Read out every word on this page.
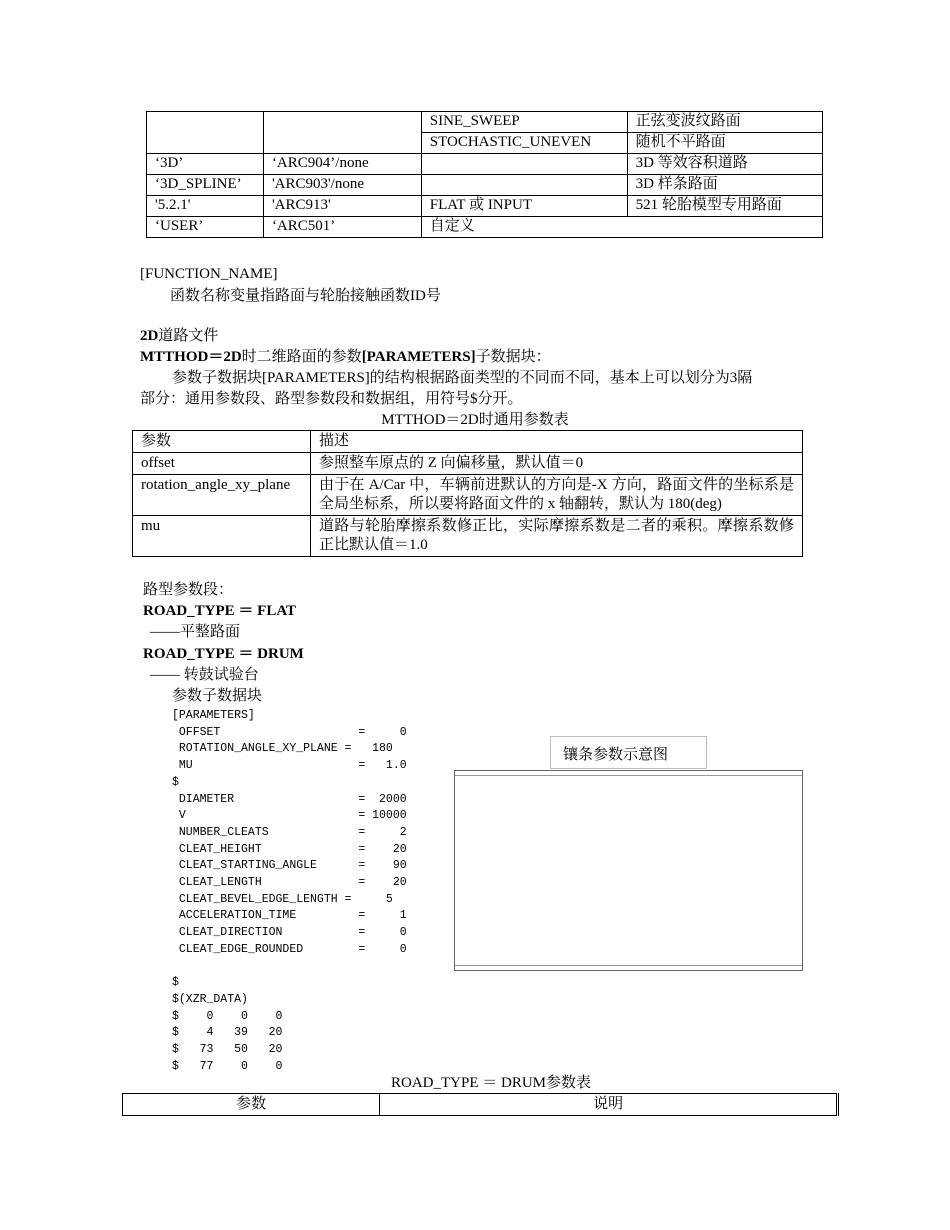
		SINE_SWEEP	正弦变波纹路面
		STOCHASTIC_UNEVEN	随机不平路面
‘3D’	‘ARC904’/none		3D 等效容积道路
‘3D_SPLINE’	'ARC903'/none		3D 样条路面
'5.2.1'	'ARC913'	FLAT 或 INPUT	521 轮胎模型专用路面
‘USER’	‘ARC501’	自定义	
[FUNCTION_NAME]
函数名称变量指路面与轮胎接触函数ID号
2D道路文件
MTTHOD＝2D时二维路面的参数[PARAMETERS]子数据块：
参数子数据块[PARAMETERS]的结构根据路面类型的不同而不同，基本上可以划分为3隔
部分：通用参数段、路型参数段和数据组，用符号$分开。
MTTHOD＝2D时通用参数表
参数	描述
offset	参照整车原点的 Z 向偏移量，默认值＝0
rotation_angle_xy_plane	由于在 A/Car 中，车辆前进默认的方向是-X 方向，路面文件的坐标系是全局坐标系，所以要将路面文件的 x 轴翻转，默认为 180(deg)
mu	道路与轮胎摩擦系数修正比，实际摩擦系数是二者的乘积。摩擦系数修正比默认值＝1.0
路型参数段：
ROAD_TYPE ＝ FLAT
——平整路面
ROAD_TYPE ＝ DRUM
—— 转鼓试验台
参数子数据块
[PARAMETERS]
OFFSET                    =     0
ROTATION_ANGLE_XY_PLANE =   180
MU                        =   1.0
$
DIAMETER                  =  2000
V                         = 10000
NUMBER_CLEATS             =     2
CLEAT_HEIGHT              =    20
CLEAT_STARTING_ANGLE      =    90
CLEAT_LENGTH              =    20
CLEAT_BEVEL_EDGE_LENGTH =     5
ACCELERATION_TIME         =     1
CLEAT_DIRECTION           =     0
CLEAT_EDGE_ROUNDED        =     0

$
$(XZR_DATA)
$    0    0    0
$    4   39   20
$   73   50   20
$   77    0    0
镶条参数示意图
ROAD_TYPE ＝ DRUM参数表
参数	说明
